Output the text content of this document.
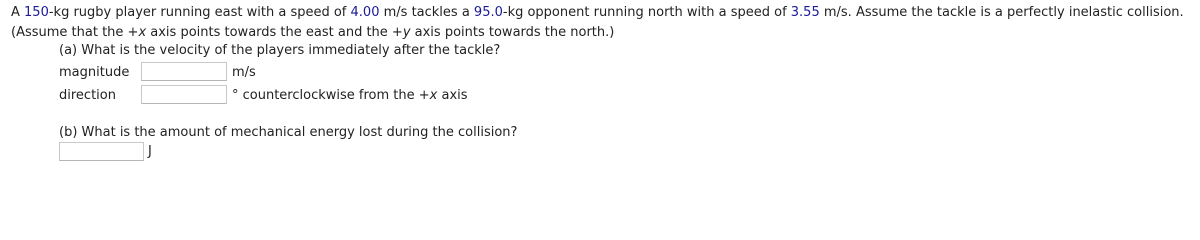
A 150-kg rugby player running east with a speed of 4.00 m/s tackles a 95.0-kg opponent running north with a speed of 3.55 m/s. Assume the tackle is a perfectly inelastic collision. (Assume that the +x axis points towards the east and the +y axis points towards the north.)
(a) What is the velocity of the players immediately after the tackle?
magnitude	m/s
direction	° counterclockwise from the +x axis
(b) What is the amount of mechanical energy lost during the collision?
J
